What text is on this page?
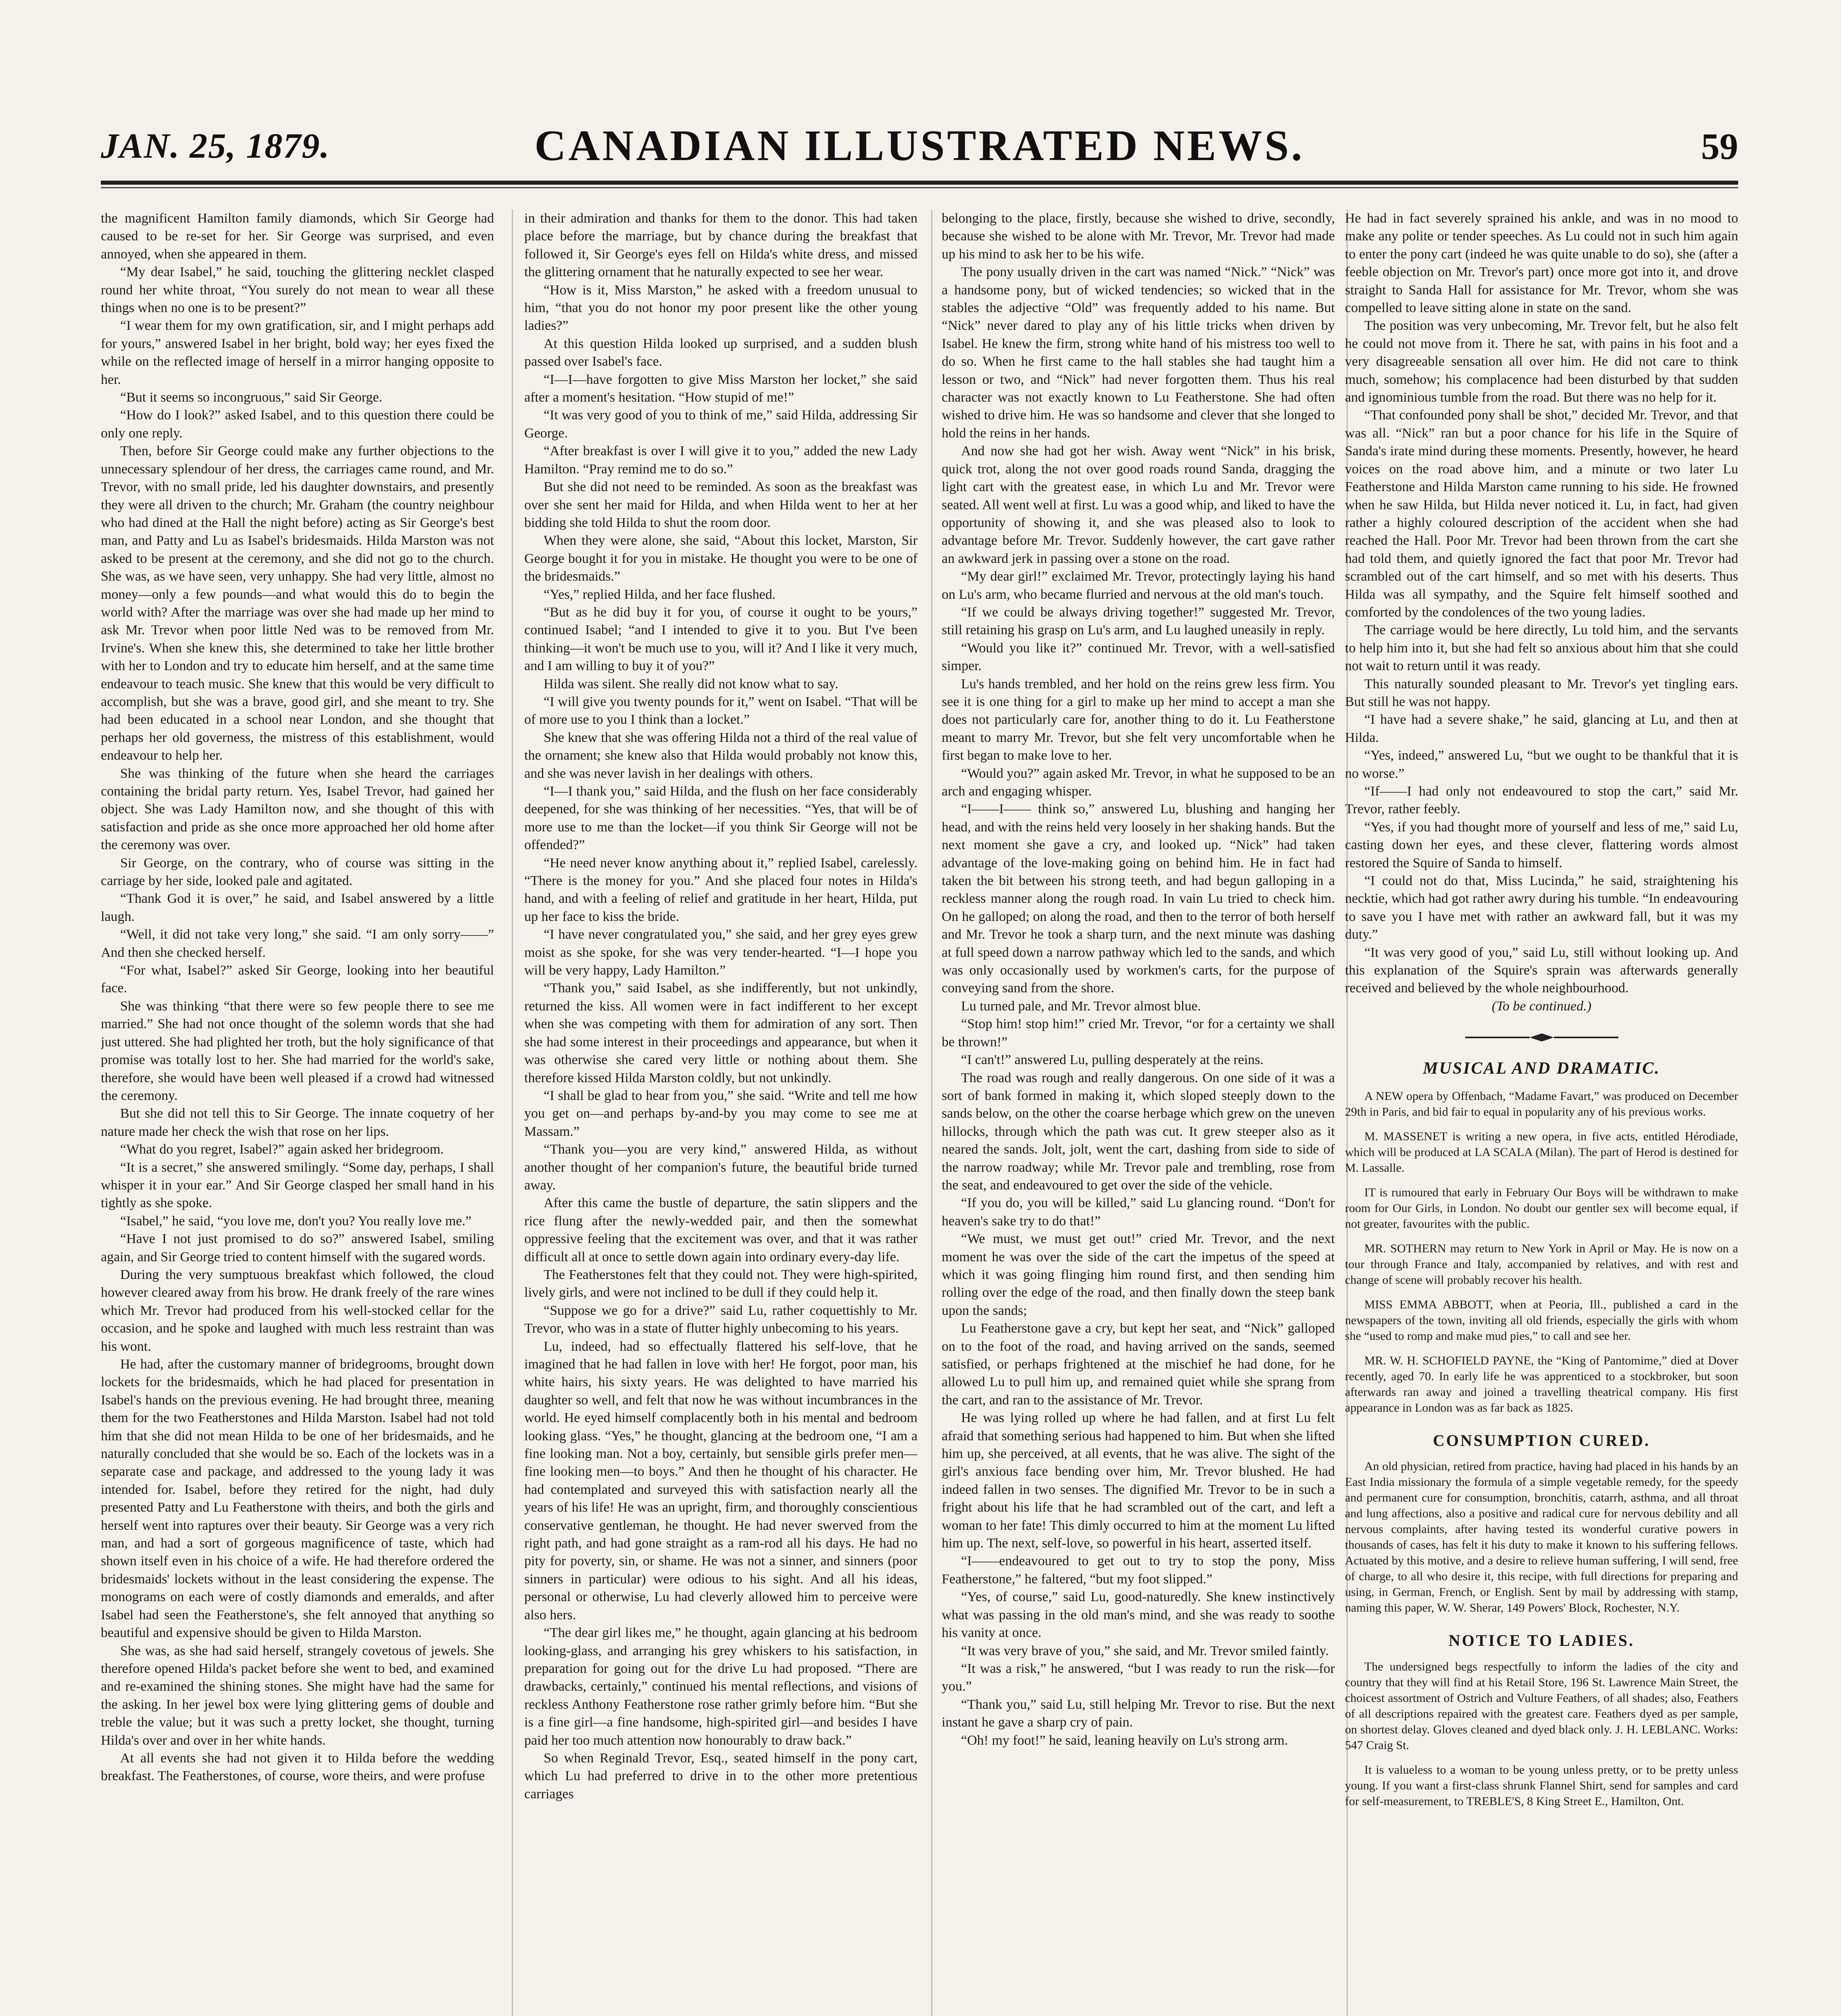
JAN. 25, 1879.	CANADIAN ILLUSTRATED NEWS.	59

the magnificent Hamilton family diamonds, which Sir George had caused to be re-set for her. Sir George was surprised, and even annoyed, when she appeared in them.

“My dear Isabel,” he said, touching the glittering necklet clasped round her white throat, “You surely do not mean to wear all these things when no one is to be present?”

“I wear them for my own gratification, sir, and I might perhaps add for yours,” answered Isabel in her bright, bold way; her eyes fixed the while on the reflected image of herself in a mirror hanging opposite to her.

“But it seems so incongruous,” said Sir George.

“How do I look?” asked Isabel, and to this question there could be only one reply.

Then, before Sir George could make any further objections to the unnecessary splendour of her dress, the carriages came round, and Mr. Trevor, with no small pride, led his daughter downstairs, and presently they were all driven to the church; Mr. Graham (the country neighbour who had dined at the Hall the night before) acting as Sir George's best man, and Patty and Lu as Isabel's bridesmaids. Hilda Marston was not asked to be present at the ceremony, and she did not go to the church. She was, as we have seen, very unhappy. She had very little, almost no money—only a few pounds—and what would this do to begin the world with? After the marriage was over she had made up her mind to ask Mr. Trevor when poor little Ned was to be removed from Mr. Irvine's. When she knew this, she determined to take her little brother with her to London and try to educate him herself, and at the same time endeavour to teach music. She knew that this would be very difficult to accomplish, but she was a brave, good girl, and she meant to try. She had been educated in a school near London, and she thought that perhaps her old governess, the mistress of this establishment, would endeavour to help her.

She was thinking of the future when she heard the carriages containing the bridal party return. Yes, Isabel Trevor, had gained her object. She was Lady Hamilton now, and she thought of this with satisfaction and pride as she once more approached her old home after the ceremony was over.

Sir George, on the contrary, who of course was sitting in the carriage by her side, looked pale and agitated.

“Thank God it is over,” he said, and Isabel answered by a little laugh.

“Well, it did not take very long,” she said. “I am only sorry——” And then she checked herself.

“For what, Isabel?” asked Sir George, looking into her beautiful face.

She was thinking “that there were so few people there to see me married.” She had not once thought of the solemn words that she had just uttered. She had plighted her troth, but the holy significance of that promise was totally lost to her. She had married for the world's sake, therefore, she would have been well pleased if a crowd had witnessed the ceremony.

But she did not tell this to Sir George. The innate coquetry of her nature made her check the wish that rose on her lips.

“What do you regret, Isabel?” again asked her bridegroom.

“It is a secret,” she answered smilingly. “Some day, perhaps, I shall whisper it in your ear.” And Sir George clasped her small hand in his tightly as she spoke.

“Isabel,” he said, “you love me, don't you? You really love me.”

“Have I not just promised to do so?” answered Isabel, smiling again, and Sir George tried to content himself with the sugared words.

During the very sumptuous breakfast which followed, the cloud however cleared away from his brow. He drank freely of the rare wines which Mr. Trevor had produced from his well-stocked cellar for the occasion, and he spoke and laughed with much less restraint than was his wont.

He had, after the customary manner of bridegrooms, brought down lockets for the bridesmaids, which he had placed for presentation in Isabel's hands on the previous evening. He had brought three, meaning them for the two Featherstones and Hilda Marston. Isabel had not told him that she did not mean Hilda to be one of her bridesmaids, and he naturally concluded that she would be so. Each of the lockets was in a separate case and package, and addressed to the young lady it was intended for. Isabel, before they retired for the night, had duly presented Patty and Lu Featherstone with theirs, and both the girls and herself went into raptures over their beauty. Sir George was a very rich man, and had a sort of gorgeous magnificence of taste, which had shown itself even in his choice of a wife. He had therefore ordered the bridesmaids' lockets without in the least considering the expense. The monograms on each were of costly diamonds and emeralds, and after Isabel had seen the Featherstone's, she felt annoyed that anything so beautiful and expensive should be given to Hilda Marston.

She was, as she had said herself, strangely covetous of jewels. She therefore opened Hilda's packet before she went to bed, and examined and re-examined the shining stones. She might have had the same for the asking. In her jewel box were lying glittering gems of double and treble the value; but it was such a pretty locket, she thought, turning Hilda's over and over in her white hands.

At all events she had not given it to Hilda before the wedding breakfast. The Featherstones, of course, wore theirs, and were profuse

in their admiration and thanks for them to the donor. This had taken place before the marriage, but by chance during the breakfast that followed it, Sir George's eyes fell on Hilda's white dress, and missed the glittering ornament that he naturally expected to see her wear.

“How is it, Miss Marston,” he asked with a freedom unusual to him, “that you do not honor my poor present like the other young ladies?”

At this question Hilda looked up surprised, and a sudden blush passed over Isabel's face.

“I—I—have forgotten to give Miss Marston her locket,” she said after a moment's hesitation. “How stupid of me!”

“It was very good of you to think of me,” said Hilda, addressing Sir George.

“After breakfast is over I will give it to you,” added the new Lady Hamilton. “Pray remind me to do so.”

But she did not need to be reminded. As soon as the breakfast was over she sent her maid for Hilda, and when Hilda went to her at her bidding she told Hilda to shut the room door.

When they were alone, she said, “About this locket, Marston, Sir George bought it for you in mistake. He thought you were to be one of the bridesmaids.”

“Yes,” replied Hilda, and her face flushed.

“But as he did buy it for you, of course it ought to be yours,” continued Isabel; “and I intended to give it to you. But I've been thinking—it won't be much use to you, will it? And I like it very much, and I am willing to buy it of you?”

Hilda was silent. She really did not know what to say.

“I will give you twenty pounds for it,” went on Isabel. “That will be of more use to you I think than a locket.”

She knew that she was offering Hilda not a third of the real value of the ornament; she knew also that Hilda would probably not know this, and she was never lavish in her dealings with others.

“I—I thank you,” said Hilda, and the flush on her face considerably deepened, for she was thinking of her necessities. “Yes, that will be of more use to me than the locket—if you think Sir George will not be offended?”

“He need never know anything about it,” replied Isabel, carelessly. “There is the money for you.” And she placed four notes in Hilda's hand, and with a feeling of relief and gratitude in her heart, Hilda, put up her face to kiss the bride.

“I have never congratulated you,” she said, and her grey eyes grew moist as she spoke, for she was very tender-hearted. “I—I hope you will be very happy, Lady Hamilton.”

“Thank you,” said Isabel, as she indifferently, but not unkindly, returned the kiss. All women were in fact indifferent to her except when she was competing with them for admiration of any sort. Then she had some interest in their proceedings and appearance, but when it was otherwise she cared very little or nothing about them. She therefore kissed Hilda Marston coldly, but not unkindly.

“I shall be glad to hear from you,” she said. “Write and tell me how you get on—and perhaps by-and-by you may come to see me at Massam.”

“Thank you—you are very kind,” answered Hilda, as without another thought of her companion's future, the beautiful bride turned away.

After this came the bustle of departure, the satin slippers and the rice flung after the newly-wedded pair, and then the somewhat oppressive feeling that the excitement was over, and that it was rather difficult all at once to settle down again into ordinary every-day life.

The Featherstones felt that they could not. They were high-spirited, lively girls, and were not inclined to be dull if they could help it.

“Suppose we go for a drive?” said Lu, rather coquettishly to Mr. Trevor, who was in a state of flutter highly unbecoming to his years.

Lu, indeed, had so effectually flattered his self-love, that he imagined that he had fallen in love with her! He forgot, poor man, his white hairs, his sixty years. He was delighted to have married his daughter so well, and felt that now he was without incumbrances in the world. He eyed himself complacently both in his mental and bedroom looking glass. “Yes,” he thought, glancing at the bedroom one, “I am a fine looking man. Not a boy, certainly, but sensible girls prefer men—fine looking men—to boys.” And then he thought of his character. He had contemplated and surveyed this with satisfaction nearly all the years of his life! He was an upright, firm, and thoroughly conscientious conservative gentleman, he thought. He had never swerved from the right path, and had gone straight as a ram-rod all his days. He had no pity for poverty, sin, or shame. He was not a sinner, and sinners (poor sinners in particular) were odious to his sight. And all his ideas, personal or otherwise, Lu had cleverly allowed him to perceive were also hers.

“The dear girl likes me,” he thought, again glancing at his bedroom looking-glass, and arranging his grey whiskers to his satisfaction, in preparation for going out for the drive Lu had proposed. “There are drawbacks, certainly,” continued his mental reflections, and visions of reckless Anthony Featherstone rose rather grimly before him. “But she is a fine girl—a fine handsome, high-spirited girl—and besides I have paid her too much attention now honourably to draw back.”

So when Reginald Trevor, Esq., seated himself in the pony cart, which Lu had preferred to drive in to the other more pretentious carriages

belonging to the place, firstly, because she wished to drive, secondly, because she wished to be alone with Mr. Trevor, Mr. Trevor had made up his mind to ask her to be his wife.

The pony usually driven in the cart was named “Nick.” “Nick” was a handsome pony, but of wicked tendencies; so wicked that in the stables the adjective “Old” was frequently added to his name. But “Nick” never dared to play any of his little tricks when driven by Isabel. He knew the firm, strong white hand of his mistress too well to do so. When he first came to the hall stables she had taught him a lesson or two, and “Nick” had never forgotten them. Thus his real character was not exactly known to Lu Featherstone. She had often wished to drive him. He was so handsome and clever that she longed to hold the reins in her hands.

And now she had got her wish. Away went “Nick” in his brisk, quick trot, along the not over good roads round Sanda, dragging the light cart with the greatest ease, in which Lu and Mr. Trevor were seated. All went well at first. Lu was a good whip, and liked to have the opportunity of showing it, and she was pleased also to look to advantage before Mr. Trevor. Suddenly however, the cart gave rather an awkward jerk in passing over a stone on the road.

“My dear girl!” exclaimed Mr. Trevor, protectingly laying his hand on Lu's arm, who became flurried and nervous at the old man's touch.

“If we could be always driving together!” suggested Mr. Trevor, still retaining his grasp on Lu's arm, and Lu laughed uneasily in reply.

“Would you like it?” continued Mr. Trevor, with a well-satisfied simper.

Lu's hands trembled, and her hold on the reins grew less firm. You see it is one thing for a girl to make up her mind to accept a man she does not particularly care for, another thing to do it. Lu Featherstone meant to marry Mr. Trevor, but she felt very uncomfortable when he first began to make love to her.

“Would you?” again asked Mr. Trevor, in what he supposed to be an arch and engaging whisper.

“I——I—— think so,” answered Lu, blushing and hanging her head, and with the reins held very loosely in her shaking hands. But the next moment she gave a cry, and looked up. “Nick” had taken advantage of the love-making going on behind him. He in fact had taken the bit between his strong teeth, and had begun galloping in a reckless manner along the rough road. In vain Lu tried to check him. On he galloped; on along the road, and then to the terror of both herself and Mr. Trevor he took a sharp turn, and the next minute was dashing at full speed down a narrow pathway which led to the sands, and which was only occasionally used by workmen's carts, for the purpose of conveying sand from the shore.

Lu turned pale, and Mr. Trevor almost blue.

“Stop him! stop him!” cried Mr. Trevor, “or for a certainty we shall be thrown!”

“I can't!” answered Lu, pulling desperately at the reins.

The road was rough and really dangerous. On one side of it was a sort of bank formed in making it, which sloped steeply down to the sands below, on the other the coarse herbage which grew on the uneven hillocks, through which the path was cut. It grew steeper also as it neared the sands. Jolt, jolt, went the cart, dashing from side to side of the narrow roadway; while Mr. Trevor pale and trembling, rose from the seat, and endeavoured to get over the side of the vehicle.

“If you do, you will be killed,” said Lu glancing round. “Don't for heaven's sake try to do that!”

“We must, we must get out!” cried Mr. Trevor, and the next moment he was over the side of the cart the impetus of the speed at which it was going flinging him round first, and then sending him rolling over the edge of the road, and then finally down the steep bank upon the sands;

Lu Featherstone gave a cry, but kept her seat, and “Nick” galloped on to the foot of the road, and having arrived on the sands, seemed satisfied, or perhaps frightened at the mischief he had done, for he allowed Lu to pull him up, and remained quiet while she sprang from the cart, and ran to the assistance of Mr. Trevor.

He was lying rolled up where he had fallen, and at first Lu felt afraid that something serious had happened to him. But when she lifted him up, she perceived, at all events, that he was alive. The sight of the girl's anxious face bending over him, Mr. Trevor blushed. He had indeed fallen in two senses. The dignified Mr. Trevor to be in such a fright about his life that he had scrambled out of the cart, and left a woman to her fate! This dimly occurred to him at the moment Lu lifted him up. The next, self-love, so powerful in his heart, asserted itself.

“I——endeavoured to get out to try to stop the pony, Miss Featherstone,” he faltered, “but my foot slipped.”

“Yes, of course,” said Lu, good-naturedly. She knew instinctively what was passing in the old man's mind, and she was ready to soothe his vanity at once.

“It was very brave of you,” she said, and Mr. Trevor smiled faintly.

“It was a risk,” he answered, “but I was ready to run the risk—for you.”

“Thank you,” said Lu, still helping Mr. Trevor to rise. But the next instant he gave a sharp cry of pain.

“Oh! my foot!” he said, leaning heavily on Lu's strong arm.

He had in fact severely sprained his ankle, and was in no mood to make any polite or tender speeches. As Lu could not in such him again to enter the pony cart (indeed he was quite unable to do so), she (after a feeble objection on Mr. Trevor's part) once more got into it, and drove straight to Sanda Hall for assistance for Mr. Trevor, whom she was compelled to leave sitting alone in state on the sand.

The position was very unbecoming, Mr. Trevor felt, but he also felt he could not move from it. There he sat, with pains in his foot and a very disagreeable sensation all over him. He did not care to think much, somehow; his complacence had been disturbed by that sudden and ignominious tumble from the road. But there was no help for it.

“That confounded pony shall be shot,” decided Mr. Trevor, and that was all. “Nick” ran but a poor chance for his life in the Squire of Sanda's irate mind during these moments. Presently, however, he heard voices on the road above him, and a minute or two later Lu Featherstone and Hilda Marston came running to his side. He frowned when he saw Hilda, but Hilda never noticed it. Lu, in fact, had given rather a highly coloured description of the accident when she had reached the Hall. Poor Mr. Trevor had been thrown from the cart she had told them, and quietly ignored the fact that poor Mr. Trevor had scrambled out of the cart himself, and so met with his deserts. Thus Hilda was all sympathy, and the Squire felt himself soothed and comforted by the condolences of the two young ladies.

The carriage would be here directly, Lu told him, and the servants to help him into it, but she had felt so anxious about him that she could not wait to return until it was ready.

This naturally sounded pleasant to Mr. Trevor's yet tingling ears. But still he was not happy.

“I have had a severe shake,” he said, glancing at Lu, and then at Hilda.

“Yes, indeed,” answered Lu, “but we ought to be thankful that it is no worse.”

“If——I had only not endeavoured to stop the cart,” said Mr. Trevor, rather feebly.

“Yes, if you had thought more of yourself and less of me,” said Lu, casting down her eyes, and these clever, flattering words almost restored the Squire of Sanda to himself.

“I could not do that, Miss Lucinda,” he said, straightening his necktie, which had got rather awry during his tumble. “In endeavouring to save you I have met with rather an awkward fall, but it was my duty.”

“It was very good of you,” said Lu, still without looking up. And this explanation of the Squire's sprain was afterwards generally received and believed by the whole neighbourhood.

(To be continued.)

MUSICAL AND DRAMATIC.

A NEW opera by Offenbach, “Madame Favart,” was produced on December 29th in Paris, and bid fair to equal in popularity any of his previous works.

M. MASSENET is writing a new opera, in five acts, entitled Hérodiade, which will be produced at LA SCALA (Milan). The part of Herod is destined for M. Lassalle.

IT is rumoured that early in February Our Boys will be withdrawn to make room for Our Girls, in London. No doubt our gentler sex will become equal, if not greater, favourites with the public.

MR. SOTHERN may return to New York in April or May. He is now on a tour through France and Italy, accompanied by relatives, and with rest and change of scene will probably recover his health.

MISS EMMA ABBOTT, when at Peoria, Ill., published a card in the newspapers of the town, inviting all old friends, especially the girls with whom she “used to romp and make mud pies,” to call and see her.

MR. W. H. SCHOFIELD PAYNE, the “King of Pantomime,” died at Dover recently, aged 70. In early life he was apprenticed to a stockbroker, but soon afterwards ran away and joined a travelling theatrical company. His first appearance in London was as far back as 1825.

CONSUMPTION CURED.

An old physician, retired from practice, having had placed in his hands by an East India missionary the formula of a simple vegetable remedy, for the speedy and permanent cure for consumption, bronchitis, catarrh, asthma, and all throat and lung affections, also a positive and radical cure for nervous debility and all nervous complaints, after having tested its wonderful curative powers in thousands of cases, has felt it his duty to make it known to his suffering fellows. Actuated by this motive, and a desire to relieve human suffering, I will send, free of charge, to all who desire it, this recipe, with full directions for preparing and using, in German, French, or English. Sent by mail by addressing with stamp, naming this paper, W. W. Sherar, 149 Powers' Block, Rochester, N.Y.

NOTICE TO LADIES.

The undersigned begs respectfully to inform the ladies of the city and country that they will find at his Retail Store, 196 St. Lawrence Main Street, the choicest assortment of Ostrich and Vulture Feathers, of all shades; also, Feathers of all descriptions repaired with the greatest care. Feathers dyed as per sample, on shortest delay. Gloves cleaned and dyed black only. J. H. LEBLANC. Works: 547 Craig St.

It is valueless to a woman to be young unless pretty, or to be pretty unless young. If you want a first-class shrunk Flannel Shirt, send for samples and card for self-measurement, to TREBLE'S, 8 King Street E., Hamilton, Ont.
